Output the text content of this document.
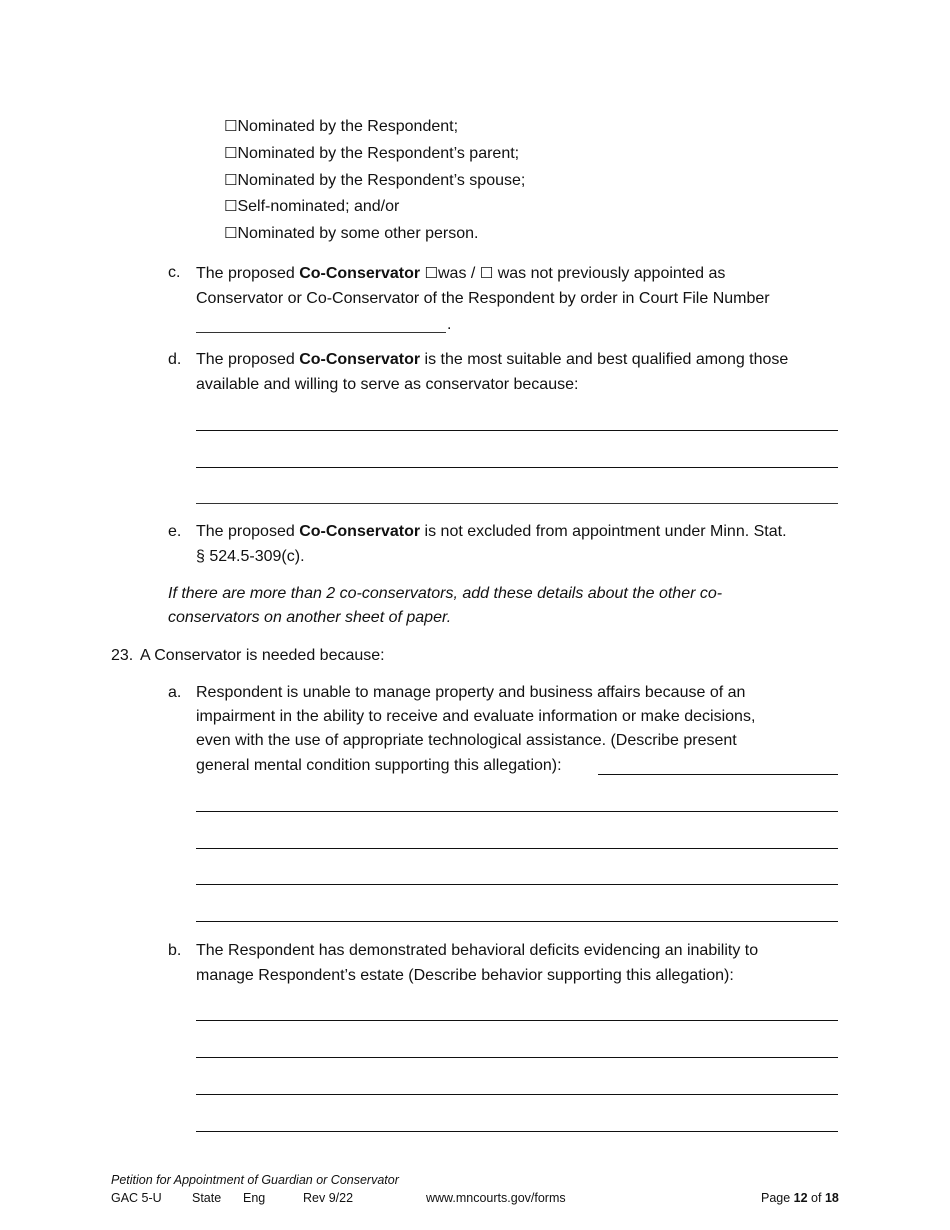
☐Nominated by the Respondent;
☐Nominated by the Respondent’s parent;
☐Nominated by the Respondent’s spouse;
☐Self-nominated; and/or
☐Nominated by some other person.
c. The proposed Co-Conservator ☐was / ☐ was not previously appointed as
Conservator or Co-Conservator of the Respondent by order in Court File Number
.
d. The proposed Co-Conservator is the most suitable and best qualified among those
available and willing to serve as conservator because:
e. The proposed Co-Conservator is not excluded from appointment under Minn. Stat.
§ 524.5-309(c).
If there are more than 2 co-conservators, add these details about the other co-
conservators on another sheet of paper.
23. A Conservator is needed because:
a. Respondent is unable to manage property and business affairs because of an
impairment in the ability to receive and evaluate information or make decisions,
even with the use of appropriate technological assistance. (Describe present
general mental condition supporting this allegation):
b. The Respondent has demonstrated behavioral deficits evidencing an inability to
manage Respondent’s estate (Describe behavior supporting this allegation):
Petition for Appointment of Guardian or Conservator
GAC 5-U State Eng	Rev 9/22	www.mncourts.gov/forms	Page 12 of 18
